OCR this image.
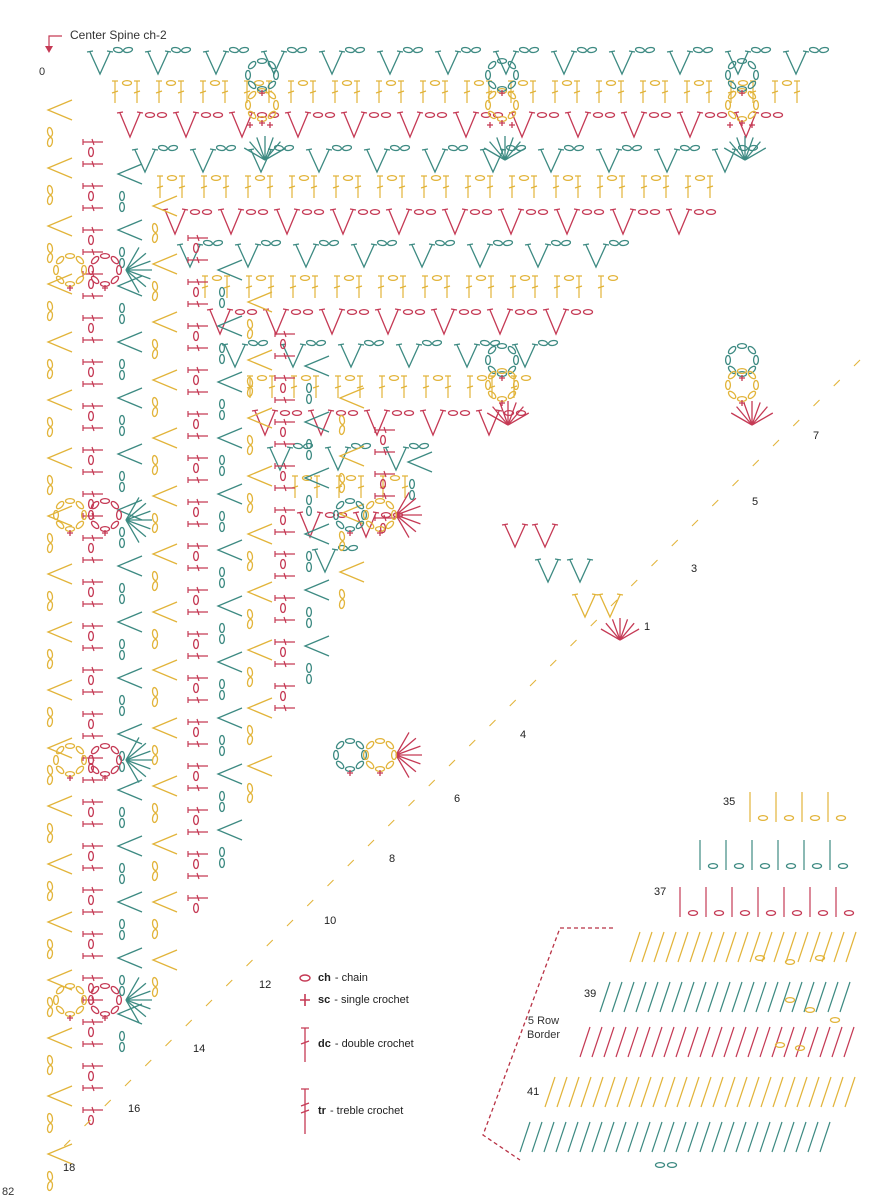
Center Spine ch-2
0
1
3
5
7
4
6
8
10
12
14
16
18
35
37
39
41
5 Row
Border
ch - chain
sc - single crochet
dc - double crochet
tr - treble crochet
82
